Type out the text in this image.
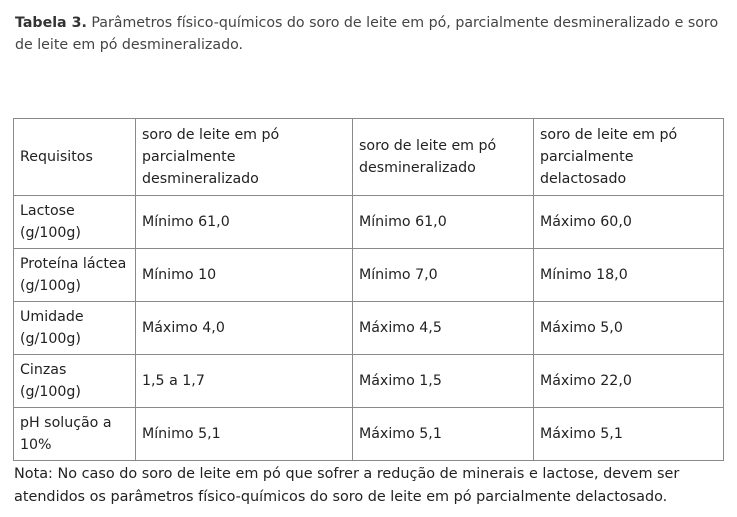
Tabela 3. Parâmetros físico-químicos do soro de leite em pó, parcialmente desmineralizado e soro de leite em pó desmineralizado.
Requisitos	soro de leite em pó parcialmente desmineralizado	soro de leite em pó desmineralizado	soro de leite em pó parcialmente delactosado
Lactose (g/100g)	Mínimo 61,0	Mínimo 61,0	Máximo 60,0
Proteína láctea (g/100g)	Mínimo 10	Mínimo 7,0	Mínimo 18,0
Umidade (g/100g)	Máximo 4,0	Máximo 4,5	Máximo 5,0
Cinzas (g/100g)	1,5 a 1,7	Máximo 1,5	Máximo 22,0
pH solução a 10%	Mínimo 5,1	Máximo 5,1	Máximo 5,1
Nota: No caso do soro de leite em pó que sofrer a redução de minerais e lactose, devem ser atendidos os parâmetros físico-químicos do soro de leite em pó parcialmente delactosado.
